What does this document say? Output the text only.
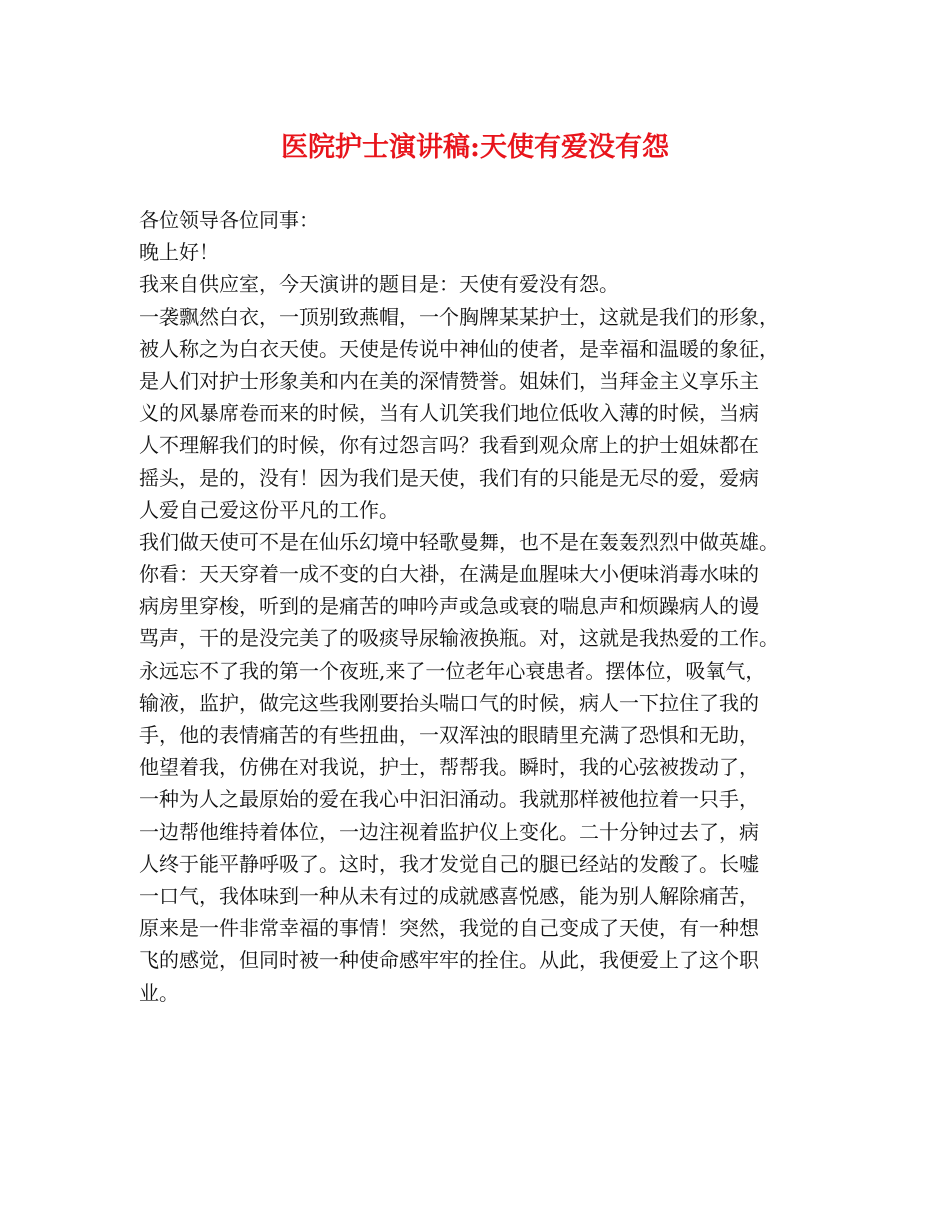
医院护士演讲稿:天使有爱没有怨

各位领导各位同事：

晚上好！

我来自供应室，今天演讲的题目是：天使有爱没有怨。

一袭飘然白衣，一顶别致燕帽，一个胸牌某某护士，这就是我们的形象，

被人称之为白衣天使。天使是传说中神仙的使者，是幸福和温暖的象征，

是人们对护士形象美和内在美的深情赞誉。姐妹们，当拜金主义享乐主

义的风暴席卷而来的时候，当有人讥笑我们地位低收入薄的时候，当病

人不理解我们的时候，你有过怨言吗？我看到观众席上的护士姐妹都在

摇头，是的，没有！因为我们是天使，我们有的只能是无尽的爱，爱病

人爱自己爱这份平凡的工作。

我们做天使可不是在仙乐幻境中轻歌曼舞，也不是在轰轰烈烈中做英雄。

你看：天天穿着一成不变的白大褂，在满是血腥味大小便味消毒水味的

病房里穿梭，听到的是痛苦的呻吟声或急或衰的喘息声和烦躁病人的谩

骂声，干的是没完美了的吸痰导尿输液换瓶。对，这就是我热爱的工作。

永远忘不了我的第一个夜班,来了一位老年心衰患者。摆体位，吸氧气，

输液，监护，做完这些我刚要抬头喘口气的时候，病人一下拉住了我的

手，他的表情痛苦的有些扭曲，一双浑浊的眼睛里充满了恐惧和无助，

他望着我，仿佛在对我说，护士，帮帮我。瞬时，我的心弦被拨动了，

一种为人之最原始的爱在我心中汩汩涌动。我就那样被他拉着一只手，

一边帮他维持着体位，一边注视着监护仪上变化。二十分钟过去了，病

人终于能平静呼吸了。这时，我才发觉自己的腿已经站的发酸了。长嘘

一口气，我体味到一种从未有过的成就感喜悦感，能为别人解除痛苦，

原来是一件非常幸福的事情！突然，我觉的自己变成了天使，有一种想

飞的感觉，但同时被一种使命感牢牢的拴住。从此，我便爱上了这个职

业。
